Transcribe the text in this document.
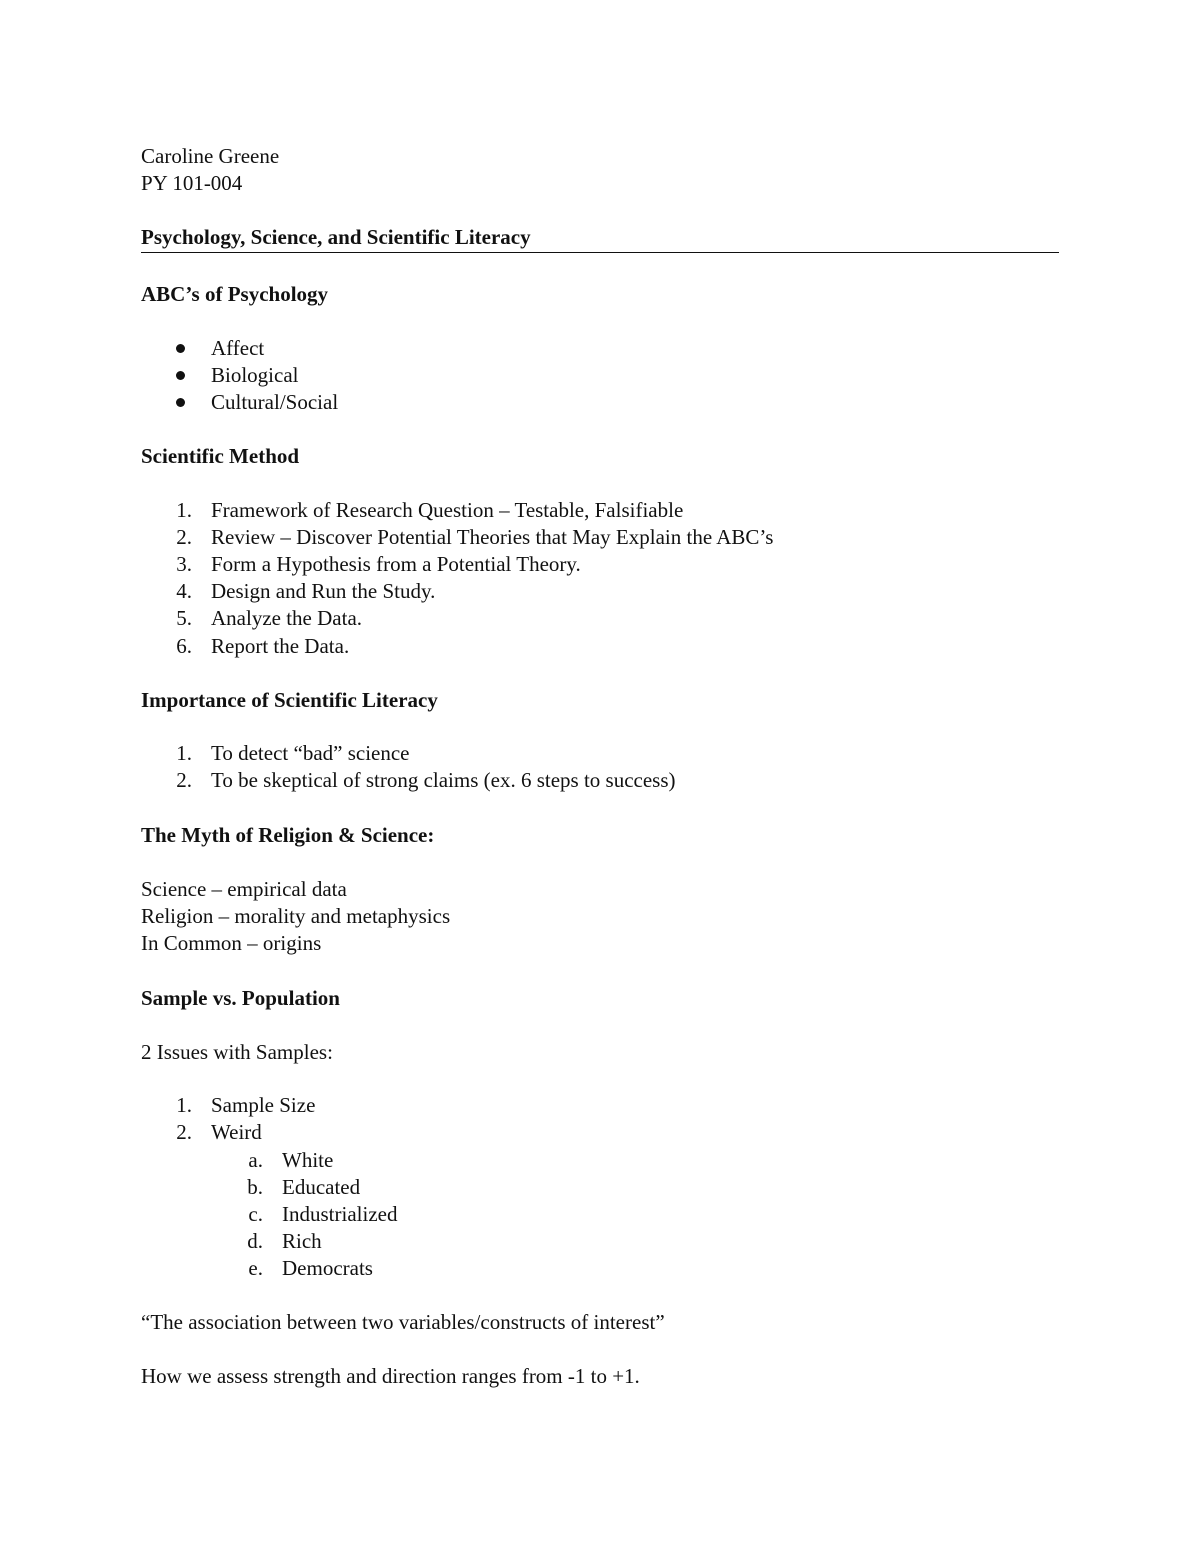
Caroline Greene
PY 101-004
Psychology, Science, and Scientific Literacy
ABC’s of Psychology
Affect
Biological
Cultural/Social
Scientific Method
1. Framework of Research Question – Testable, Falsifiable
2. Review – Discover Potential Theories that May Explain the ABC’s
3. Form a Hypothesis from a Potential Theory.
4. Design and Run the Study.
5. Analyze the Data.
6. Report the Data.
Importance of Scientific Literacy
1. To detect “bad” science
2. To be skeptical of strong claims (ex. 6 steps to success)
The Myth of Religion & Science:
Science – empirical data
Religion – morality and metaphysics
In Common – origins
Sample vs. Population
2 Issues with Samples:
1. Sample Size
2. Weird
a. White
b. Educated
c. Industrialized
d. Rich
e. Democrats
“The association between two variables/constructs of interest”
How we assess strength and direction ranges from -1 to +1.
